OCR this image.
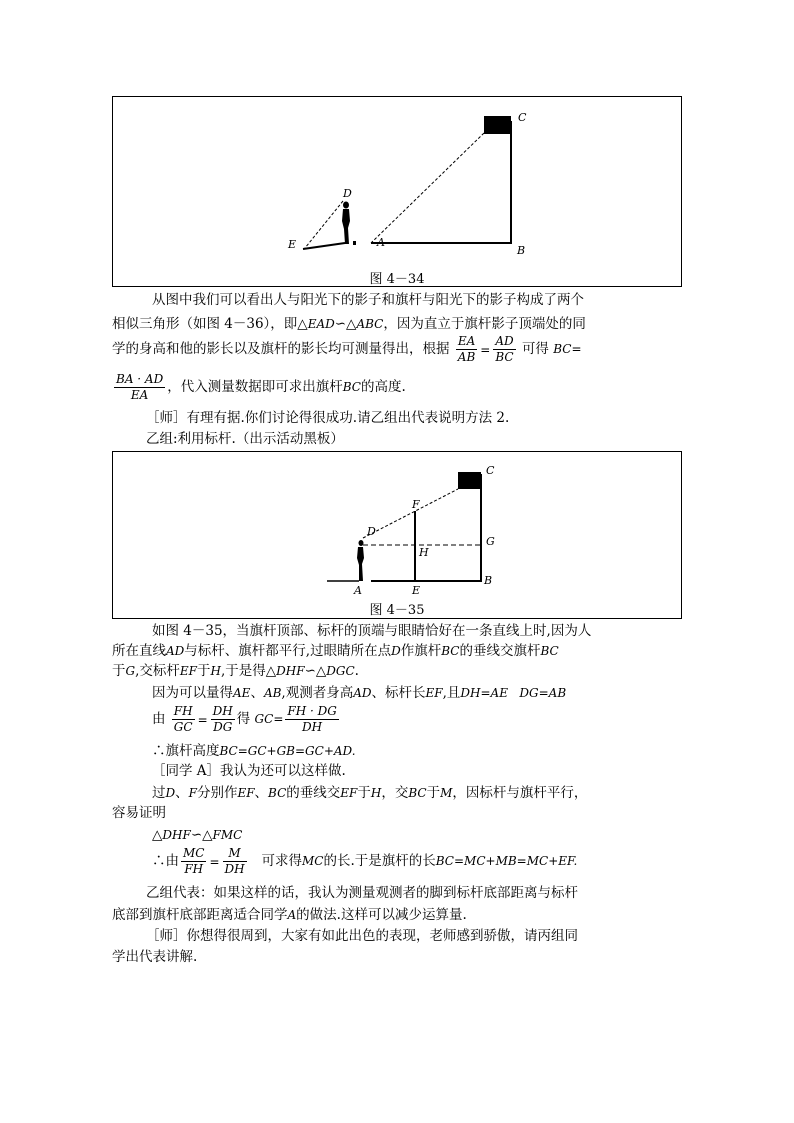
C
D
E	A
B
图 4－34
从图中我们可以看出人与阳光下的影子和旗杆与阳光下的影子构成了两个
相似三角形（如图 4－36），即△EAD∽△ABC，因为直立于旗杆影子顶端处的同
学的身高和他的影长以及旗杆的影长均可测量得出，根据 $\frac{EA}{AB} = \frac{AD}{BC}$ 可得 BC=
$\frac{BA \cdot AD}{EA}$ ，代入测量数据即可求出旗杆BC的高度.
［师］有理有据.你们讨论得很成功.请乙组出代表说明方法 2.
乙组:利用标杆.（出示活动黑板）
C
F
D
H
G
A	E
B
图 4－35
如图 4－35，当旗杆顶部、标杆的顶端与眼睛恰好在一条直线上时,因为人
所在直线AD与标杆、旗杆都平行,过眼睛所在点D作旗杆BC的垂线交旗杆BC
于G,交标杆EF于H,于是得△DHF∽△DGC.
因为可以量得AE、AB,观测者身高AD、标杆长EF,且DH=AE   DG=AB
由 $\frac{FH}{GC} = \frac{DH}{DG}$ 得 $GC= \frac{FH \cdot DG}{DH}$
∴旗杆高度BC=GC+GB=GC+AD.
［同学 A］我认为还可以这样做.
过D、F分别作EF、BC的垂线交EF于H，交BC于M，因标杆与旗杆平行，
容易证明
△DHF∽△FMC
∴由 $\frac{MC}{FH} = \frac{M}{DH}$ 可求得MC的长.于是旗杆的长BC=MC+MB=MC+EF.
乙组代表：如果这样的话，我认为测量观测者的脚到标杆底部距离与标杆
底部到旗杆底部距离适合同学A的做法.这样可以减少运算量.
［师］你想得很周到，大家有如此出色的表现，老师感到骄傲，请丙组同
学出代表讲解.
